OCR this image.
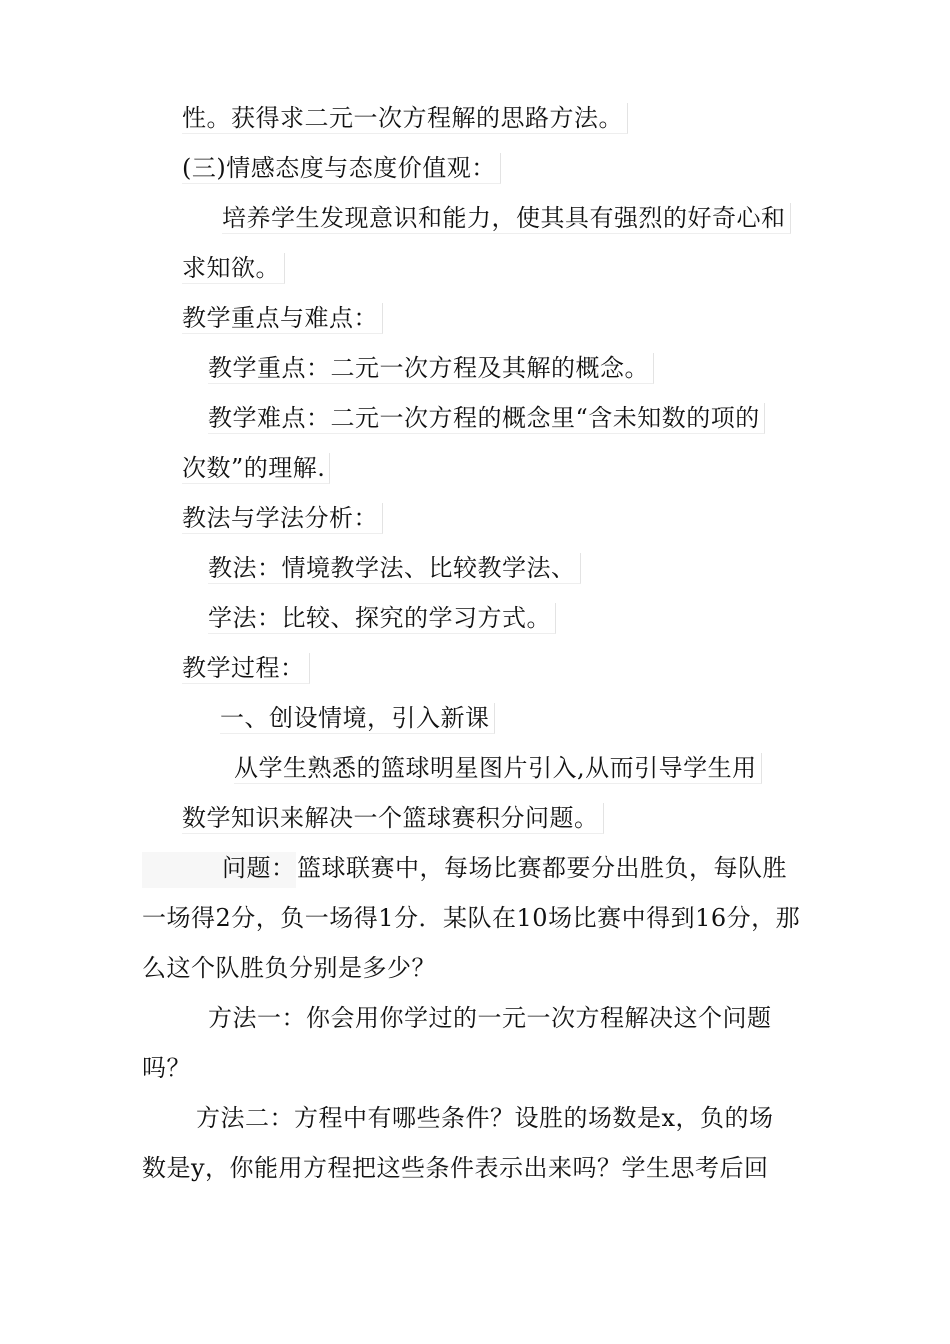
性。获得求二元一次方程解的思路方法。
(三)情感态度与态度价值观：
培养学生发现意识和能力，使其具有强烈的好奇心和
求知欲。
教学重点与难点：
教学重点：二元一次方程及其解的概念。
教学难点：二元一次方程的概念里“含未知数的项的
次数”的理解.
教法与学法分析：
教法：情境教学法、比较教学法、
学法：比较、探究的学习方式。
教学过程：
一、创设情境，引入新课
从学生熟悉的篮球明星图片引入,从而引导学生用
数学知识来解决一个篮球赛积分问题。
问题： 篮球联赛中，每场比赛都要分出胜负，每队胜
一场得2分，负一场得1分．某队在10场比赛中得到16分，那
么这个队胜负分别是多少？
方法一：你会用你学过的一元一次方程解决这个问题
吗？
方法二：方程中有哪些条件？设胜的场数是x，负的场
数是y，你能用方程把这些条件表示出来吗？学生思考后回
